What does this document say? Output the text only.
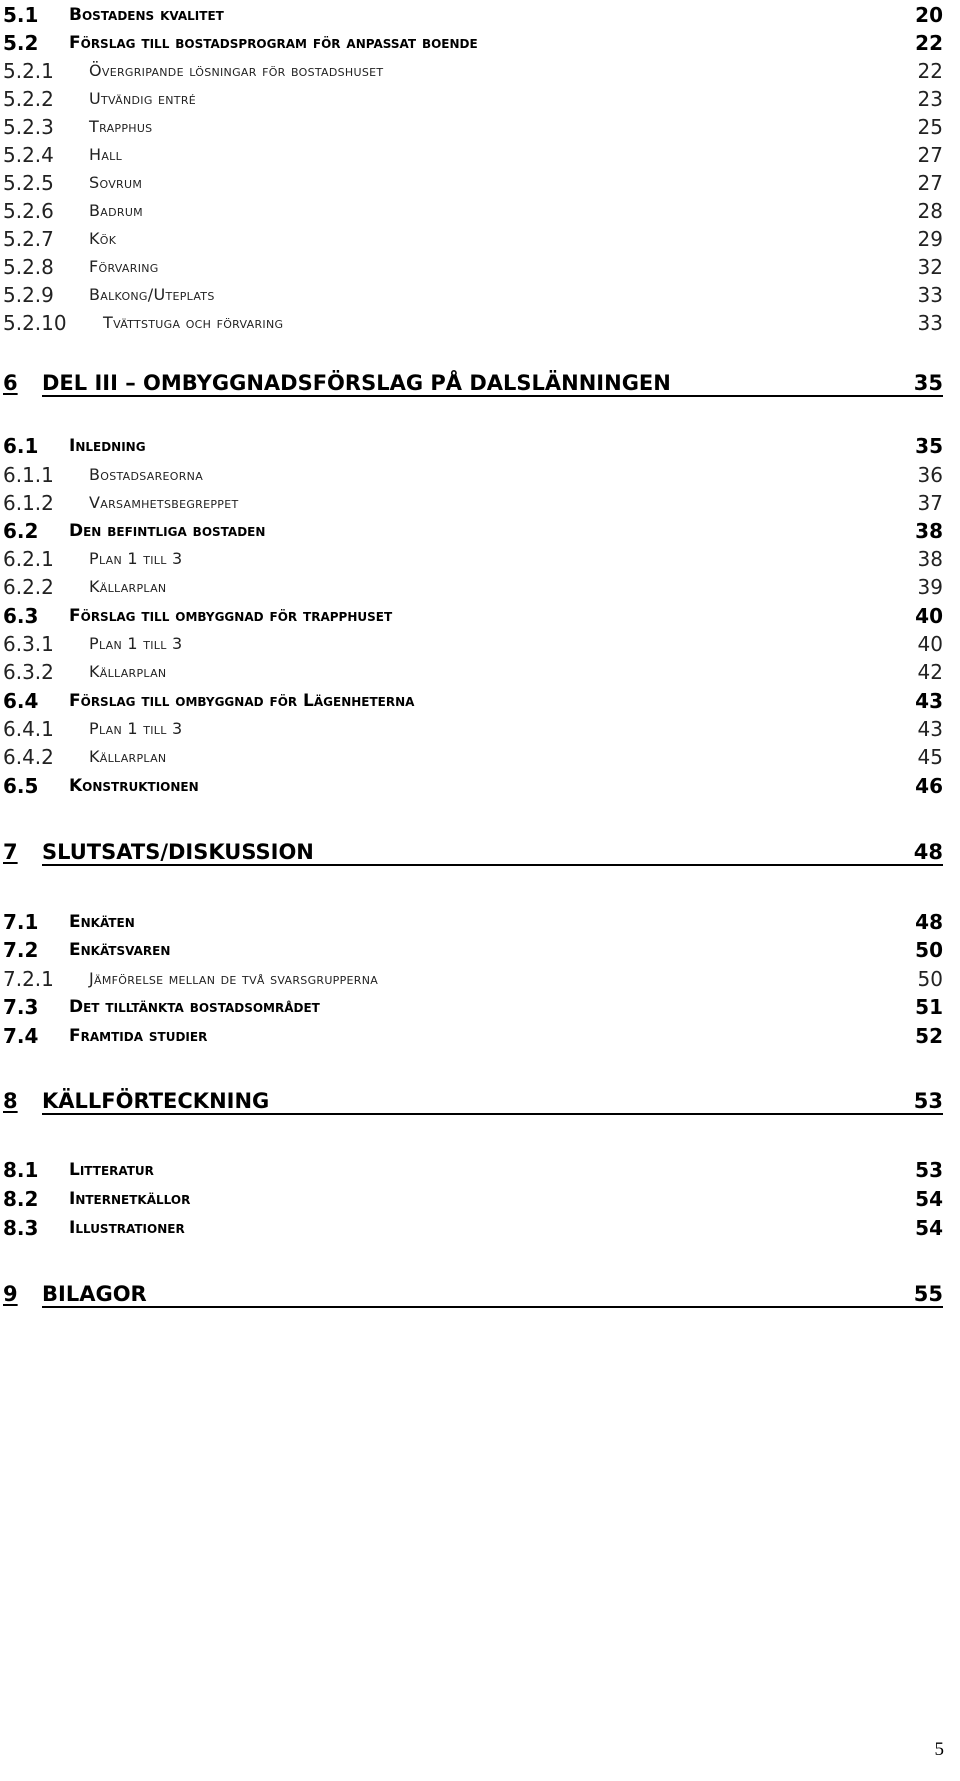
5.1 Bostadens kvalitet	20
5.2 Förslag till bostadsprogram för anpassat boende	22
5.2.1 Övergripande lösningar för bostadshuset	22
5.2.2 Utvändig entré	23
5.2.3 Trapphus	25
5.2.4 Hall	27
5.2.5 Sovrum	27
5.2.6 Badrum	28
5.2.7 Kök	29
5.2.8 Förvaring	32
5.2.9 Balkong/Uteplats	33
5.2.10 Tvättstuga och förvaring	33
6 DEL III – OMBYGGNADSFÖRSLAG PÅ DALSLÄNNINGEN	35
6.1 Inledning	35
6.1.1 Bostadsareorna	36
6.1.2 Varsamhetsbegreppet	37
6.2 Den befintliga bostaden	38
6.2.1 Plan 1 till 3	38
6.2.2 Källarplan	39
6.3 Förslag till ombyggnad för trapphuset	40
6.3.1 Plan 1 till 3	40
6.3.2 Källarplan	42
6.4 Förslag till ombyggnad för Lägenheterna	43
6.4.1 Plan 1 till 3	43
6.4.2 Källarplan	45
6.5 Konstruktionen	46
7 SLUTSATS/DISKUSSION	48
7.1 Enkäten	48
7.2 Enkätsvaren	50
7.2.1 Jämförelse mellan de två svarsgrupperna	50
7.3 Det tilltänkta bostadsområdet	51
7.4 Framtida studier	52
8 KÄLLFÖRTECKNING	53
8.1 Litteratur	53
8.2 Internetkällor	54
8.3 Illustrationer	54
9 BILAGOR	55
5
